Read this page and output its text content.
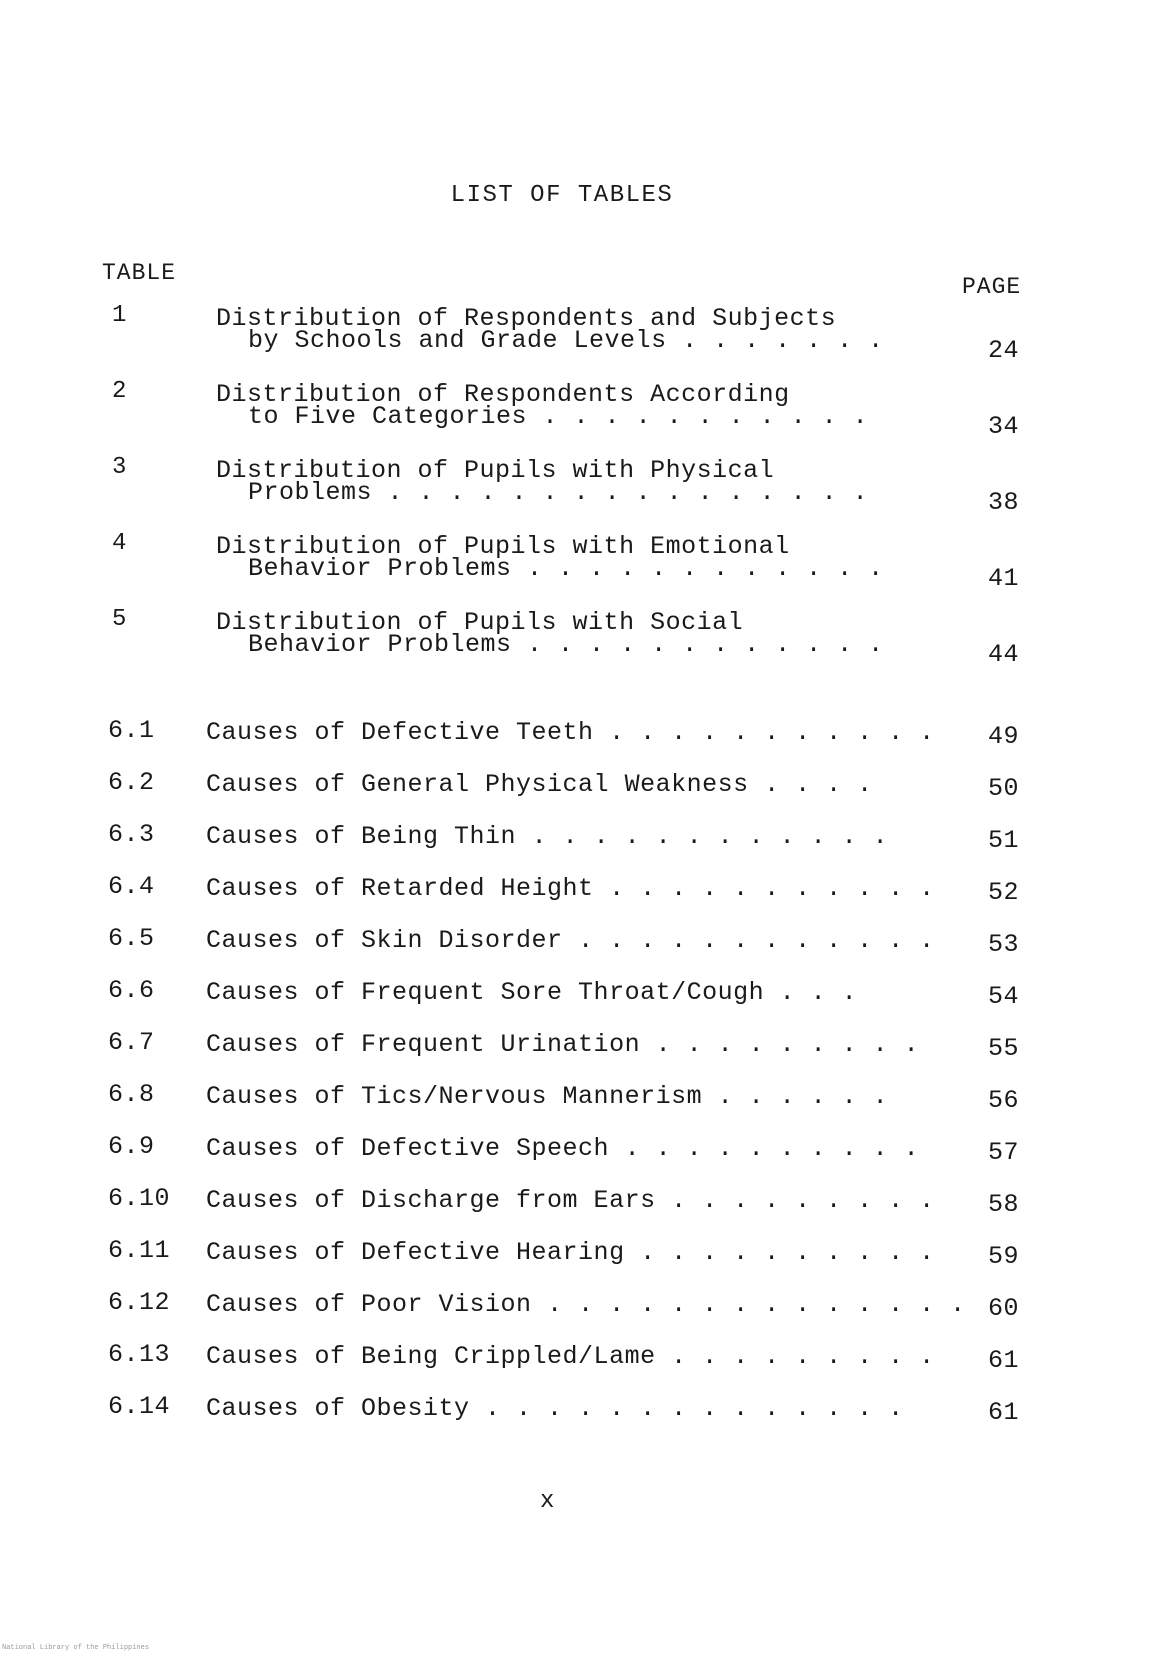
LIST OF TABLES
TABLE
PAGE
1	Distribution of Respondents and Subjects
by Schools and Grade Levels . . . . . . .	24
2	Distribution of Respondents According
to Five Categories . . . . . . . . . . .	34
3	Distribution of Pupils with Physical
Problems . . . . . . . . . . . . . . . .	38
4	Distribution of Pupils with Emotional
Behavior Problems . . . . . . . . . . . .	41
5	Distribution of Pupils with Social
Behavior Problems . . . . . . . . . . . .	44
6.1 Causes of Defective Teeth . . . . . . . . . . . 49
6.2 Causes of General Physical Weakness . . . .	50
6.3 Causes of Being Thin . . . . . . . . . . . .	51
6.4 Causes of Retarded Height . . . . . . . . . . . 52
6.5 Causes of Skin Disorder . . . . . . . . . . . . 53
6.6 Causes of Frequent Sore Throat/Cough . . .	54
6.7 Causes of Frequent Urination . . . . . . . . .	55
6.8 Causes of Tics/Nervous Mannerism . . . . . .	56
6.9 Causes of Defective Speech . . . . . . . . . .	57
6.10 Causes of Discharge from Ears . . . . . . . . . 58
6.11 Causes of Defective Hearing . . . . . . . . . . 59
6.12 Causes of Poor Vision . . . . . . . . . . . . . . 60
6.13 Causes of Being Crippled/Lame . . . . . . . . . 61
6.14 Causes of Obesity . . . . . . . . . . . . . .	61
x
National Library of the Philippines
